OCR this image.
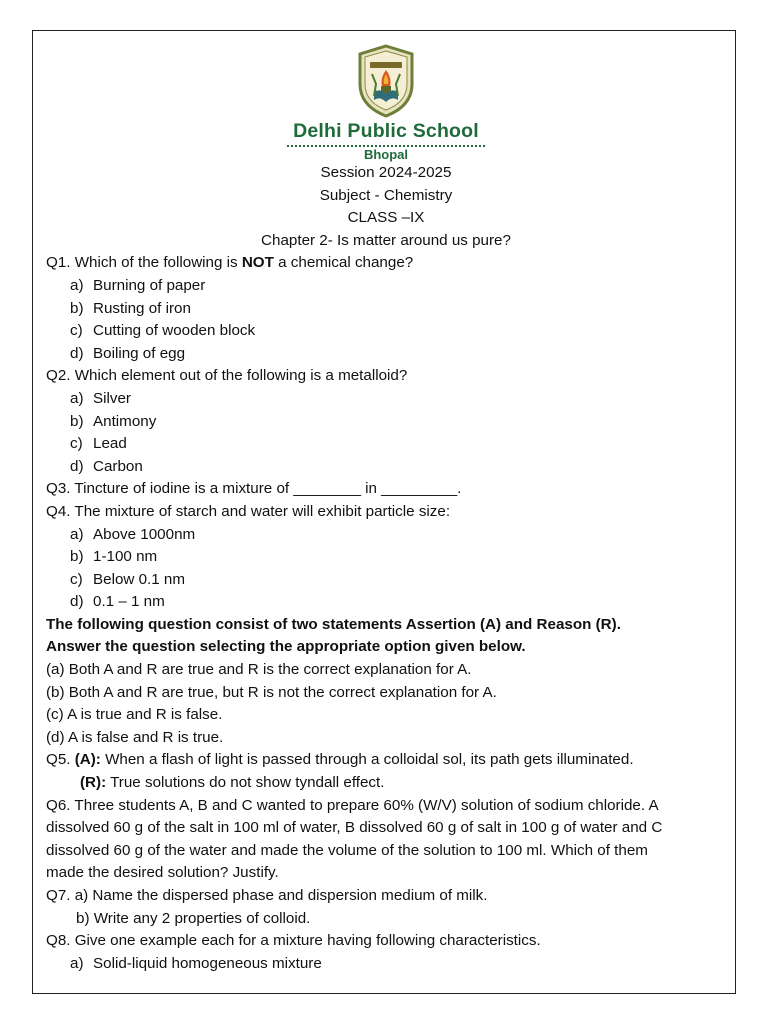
Delhi Public School
Bhopal
Session 2024-2025
Subject - Chemistry
CLASS –IX
Chapter 2- Is matter around us pure?
Q1. Which of the following is NOT a chemical change?
a) Burning of paper
b) Rusting of iron
c) Cutting of wooden block
d) Boiling of egg
Q2. Which element out of the following is a metalloid?
a) Silver
b) Antimony
c) Lead
d) Carbon
Q3. Tincture of iodine is a mixture of ________ in _________.
Q4. The mixture of starch and water will exhibit particle size:
a) Above 1000nm
b) 1-100 nm
c) Below 0.1 nm
d) 0.1 – 1 nm
The following question consist of two statements Assertion (A) and Reason (R).
Answer the question selecting the appropriate option given below.
(a) Both A and R are true and R is the correct explanation for A.
(b) Both A and R are true, but R is not the correct explanation for A.
(c) A is true and R is false.
(d) A is false and R is true.
Q5. (A): When a flash of light is passed through a colloidal sol, its path gets illuminated.
(R): True solutions do not show tyndall effect.
Q6. Three students A, B and C wanted to prepare 60% (W/V) solution of sodium chloride. A
dissolved 60 g of the salt in 100 ml of water, B dissolved 60 g of salt in 100 g of water and C
dissolved 60 g of the water and made the volume of the solution to 100 ml. Which of them
made the desired solution? Justify.
Q7. a) Name the dispersed phase and dispersion medium of milk.
b) Write any 2 properties of colloid.
Q8. Give one example each for a mixture having following characteristics.
a) Solid-liquid homogeneous mixture
